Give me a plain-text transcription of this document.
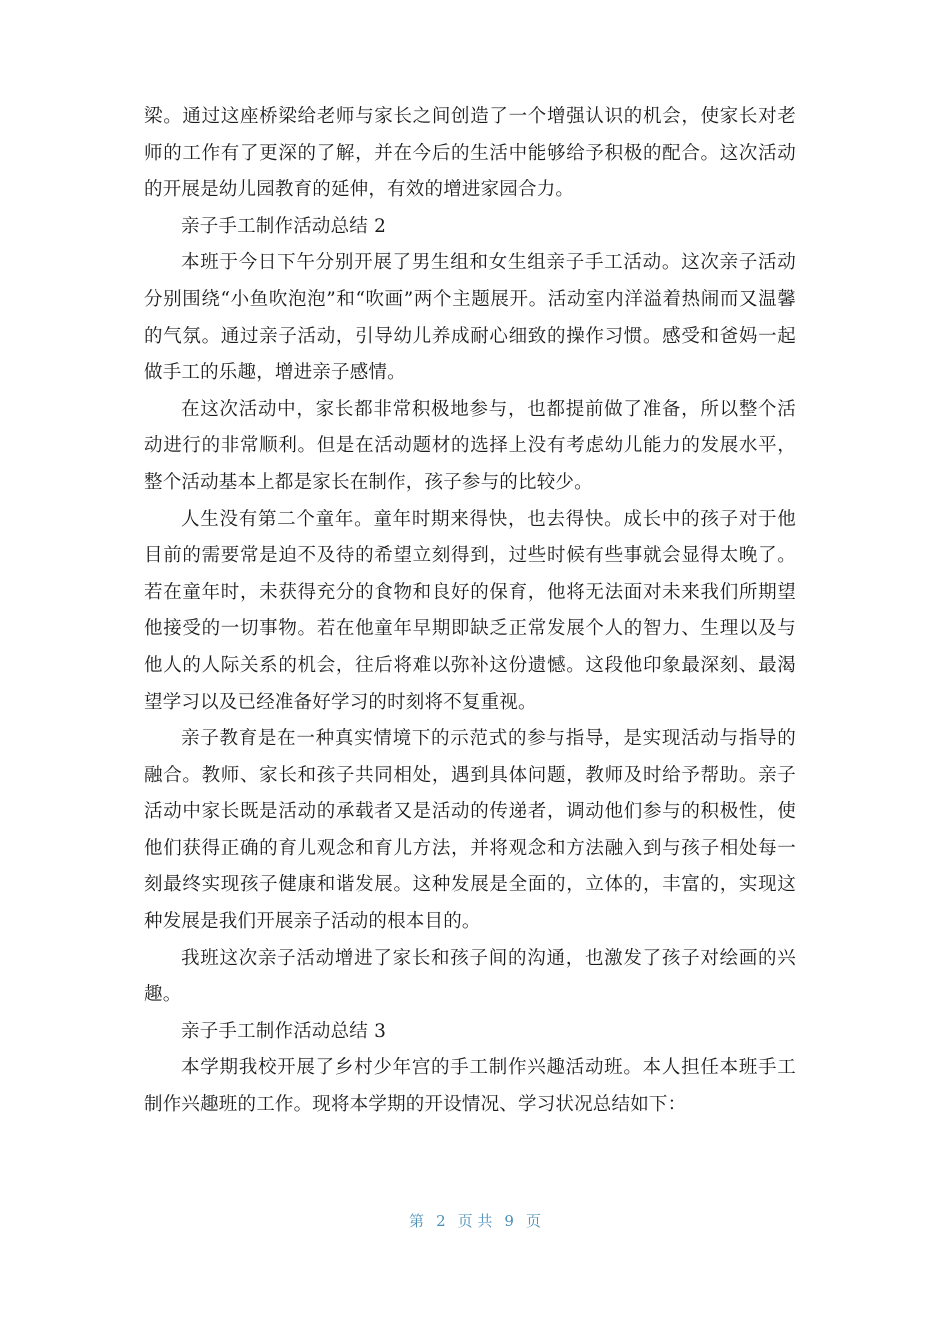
梁。通过这座桥梁给老师与家长之间创造了一个增强认识的机会，使家长对老师的工作有了更深的了解，并在今后的生活中能够给予积极的配合。这次活动的开展是幼儿园教育的延伸，有效的增进家园合力。

亲子手工制作活动总结 2

本班于今日下午分别开展了男生组和女生组亲子手工活动。这次亲子活动分别围绕“小鱼吹泡泡”和“吹画”两个主题展开。活动室内洋溢着热闹而又温馨的气氛。通过亲子活动，引导幼儿养成耐心细致的操作习惯。感受和爸妈一起做手工的乐趣，增进亲子感情。

在这次活动中，家长都非常积极地参与，也都提前做了准备，所以整个活动进行的非常顺利。但是在活动题材的选择上没有考虑幼儿能力的发展水平，整个活动基本上都是家长在制作，孩子参与的比较少。

人生没有第二个童年。童年时期来得快，也去得快。成长中的孩子对于他目前的需要常是迫不及待的希望立刻得到，过些时候有些事就会显得太晚了。若在童年时，未获得充分的食物和良好的保育，他将无法面对未来我们所期望他接受的一切事物。若在他童年早期即缺乏正常发展个人的智力、生理以及与他人的人际关系的机会，往后将难以弥补这份遗憾。这段他印象最深刻、最渴望学习以及已经准备好学习的时刻将不复重视。

亲子教育是在一种真实情境下的示范式的参与指导，是实现活动与指导的融合。教师、家长和孩子共同相处，遇到具体问题，教师及时给予帮助。亲子活动中家长既是活动的承载者又是活动的传递者，调动他们参与的积极性，使他们获得正确的育儿观念和育儿方法，并将观念和方法融入到与孩子相处每一刻最终实现孩子健康和谐发展。这种发展是全面的，立体的，丰富的，实现这种发展是我们开展亲子活动的根本目的。

我班这次亲子活动增进了家长和孩子间的沟通，也激发了孩子对绘画的兴趣。

亲子手工制作活动总结 3

本学期我校开展了乡村少年宫的手工制作兴趣活动班。本人担任本班手工制作兴趣班的工作。现将本学期的开设情况、学习状况总结如下：

第 2 页 共 9 页
